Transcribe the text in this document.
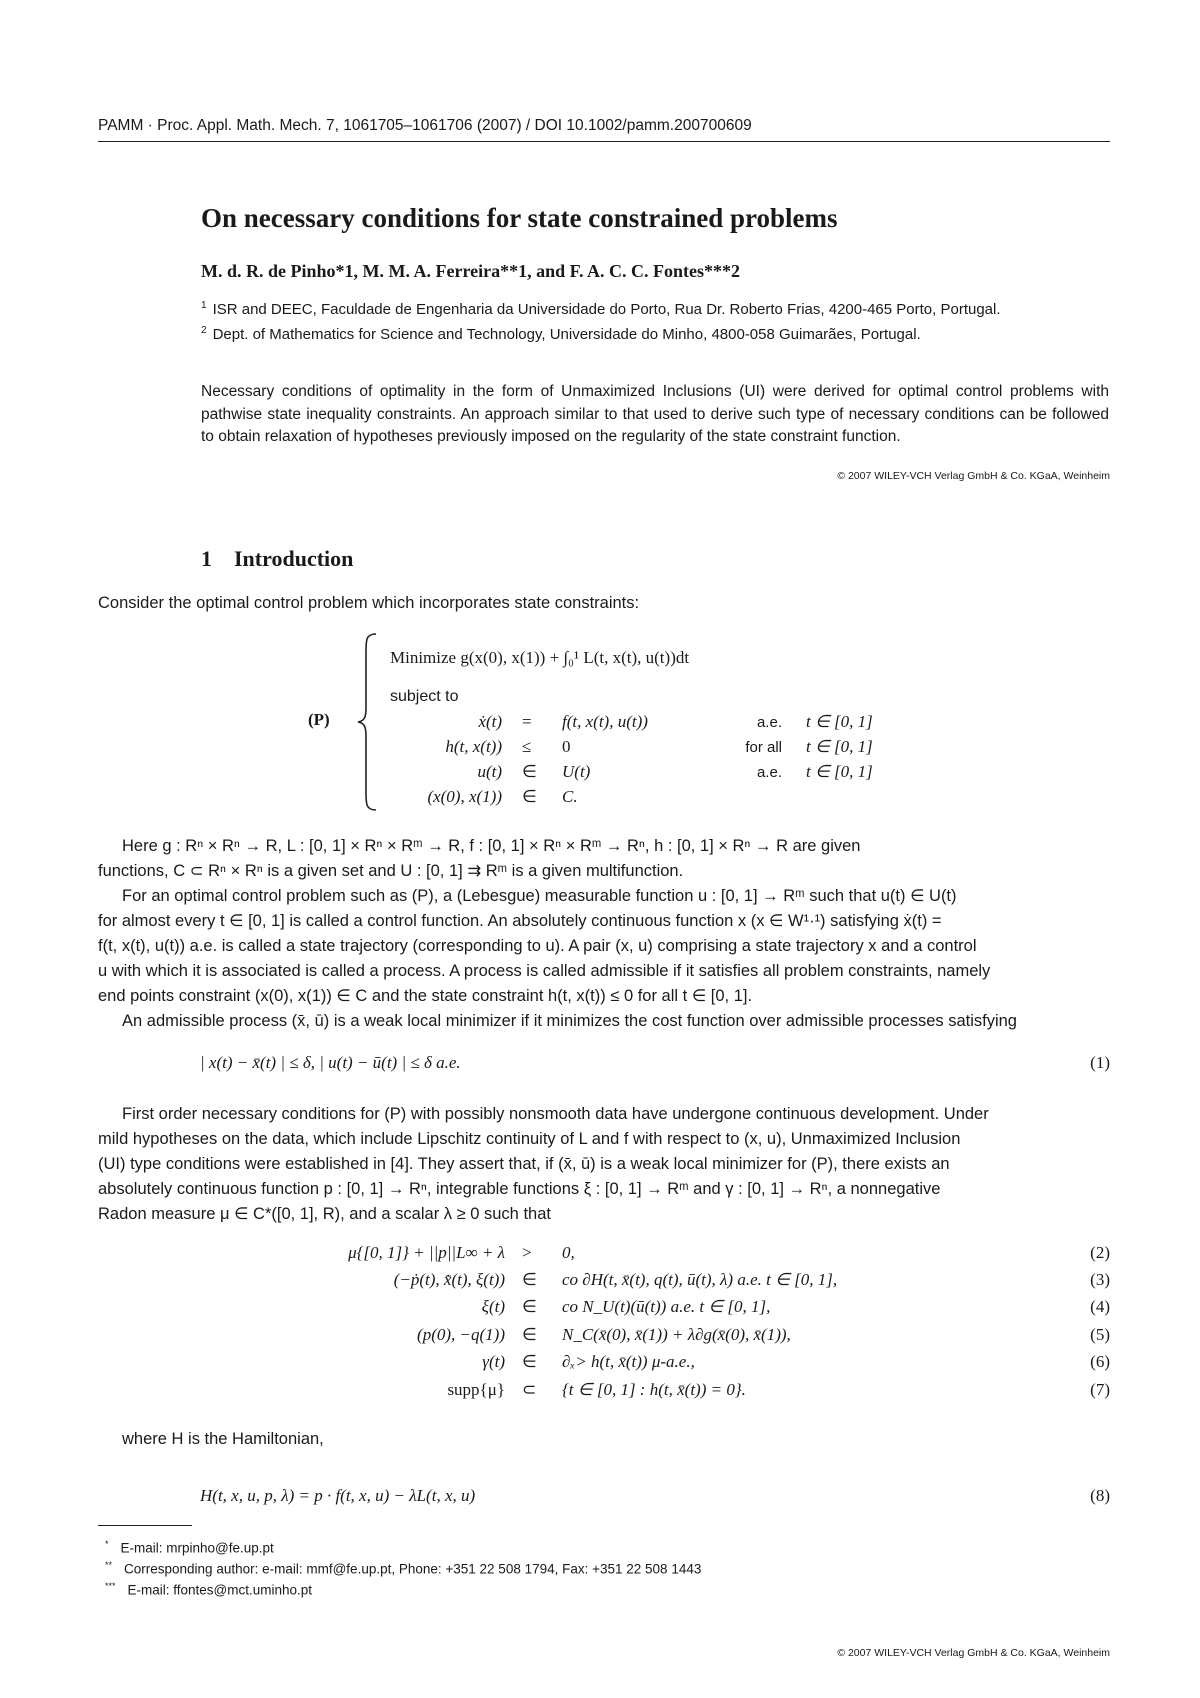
PAMM · Proc. Appl. Math. Mech. 7, 1061705–1061706 (2007) / DOI 10.1002/pamm.200700609
On necessary conditions for state constrained problems
M. d. R. de Pinho*1, M. M. A. Ferreira**1, and F. A. C. C. Fontes***2
$^1$ ISR and DEEC, Faculdade de Engenharia da Universidade do Porto, Rua Dr. Roberto Frias, 4200-465 Porto, Portugal.
$^2$ Dept. of Mathematics for Science and Technology, Universidade do Minho, 4800-058 Guimarães, Portugal.
Necessary conditions of optimality in the form of Unmaximized Inclusions (UI) were derived for optimal control problems with pathwise state inequality constraints. An approach similar to that used to derive such type of necessary conditions can be followed to obtain relaxation of hypotheses previously imposed on the regularity of the state constraint function.
© 2007 WILEY-VCH Verlag GmbH & Co. KGaA, Weinheim
1 Introduction
Consider the optimal control problem which incorporates state constraints:
(P)
Minimize g(x(0), x(1)) + ∫₀¹ L(t, x(t), u(t))dt
subject to
ẋ(t) = f(t, x(t), u(t))	a.e. t ∈ [0, 1]
h(t, x(t)) ≤ 0	for all t ∈ [0, 1]
u(t) ∈ U(t)	a.e. t ∈ [0, 1]
(x(0), x(1)) ∈ C.
Here g : Rⁿ × Rⁿ → R, L : [0, 1] × Rⁿ × Rᵐ → R, f : [0, 1] × Rⁿ × Rᵐ → Rⁿ, h : [0, 1] × Rⁿ → R are given
functions, C ⊂ Rⁿ × Rⁿ is a given set and U : [0, 1] ⇉ Rᵐ is a given multifunction.
For an optimal control problem such as (P), a (Lebesgue) measurable function u : [0, 1] → Rᵐ such that u(t) ∈ U(t)
for almost every t ∈ [0, 1] is called a control function. An absolutely continuous function x (x ∈ W¹·¹) satisfying ẋ(t) =
f(t, x(t), u(t)) a.e. is called a state trajectory (corresponding to u). A pair (x, u) comprising a state trajectory x and a control
u with which it is associated is called a process. A process is called admissible if it satisfies all problem constraints, namely
end points constraint (x(0), x(1)) ∈ C and the state constraint h(t, x(t)) ≤ 0 for all t ∈ [0, 1].
An admissible process (x̄, ū) is a weak local minimizer if it minimizes the cost function over admissible processes satisfying
| x(t) − x̄(t) | ≤ δ, | u(t) − ū(t) | ≤ δ a.e.	(1)
First order necessary conditions for (P) with possibly nonsmooth data have undergone continuous development. Under
mild hypotheses on the data, which include Lipschitz continuity of L and f with respect to (x, u), Unmaximized Inclusion
(UI) type conditions were established in [4]. They assert that, if (x̄, ū) is a weak local minimizer for (P), there exists an
absolutely continuous function p : [0, 1] → Rⁿ, integrable functions ξ : [0, 1] → Rᵐ and γ : [0, 1] → Rⁿ, a nonnegative
Radon measure μ ∈ C*([0, 1], R), and a scalar λ ≥ 0 such that
μ{[0, 1]} + ||p||L∞ + λ > 0,	(2)
(−ṗ(t), x̄̇(t), ξ(t)) ∈ co ∂H(t, x̄(t), q(t), ū(t), λ) a.e. t ∈ [0, 1],	(3)
ξ(t) ∈ co N_U(t)(ū(t)) a.e. t ∈ [0, 1],	(4)
(p(0), −q(1)) ∈ N_C(x̄(0), x̄(1)) + λ∂g(x̄(0), x̄(1)),	(5)
γ(t) ∈ ∂ₓ> h(t, x̄(t)) μ-a.e.,	(6)
supp{μ} ⊂ {t ∈ [0, 1] : h(t, x̄(t)) = 0}.	(7)
where H is the Hamiltonian,
H(t, x, u, p, λ) = p · f(t, x, u) − λL(t, x, u)	(8)
* E-mail: mrpinho@fe.up.pt
** Corresponding author: e-mail: mmf@fe.up.pt, Phone: +351 22 508 1794, Fax: +351 22 508 1443
*** E-mail: ffontes@mct.uminho.pt
© 2007 WILEY-VCH Verlag GmbH & Co. KGaA, Weinheim
